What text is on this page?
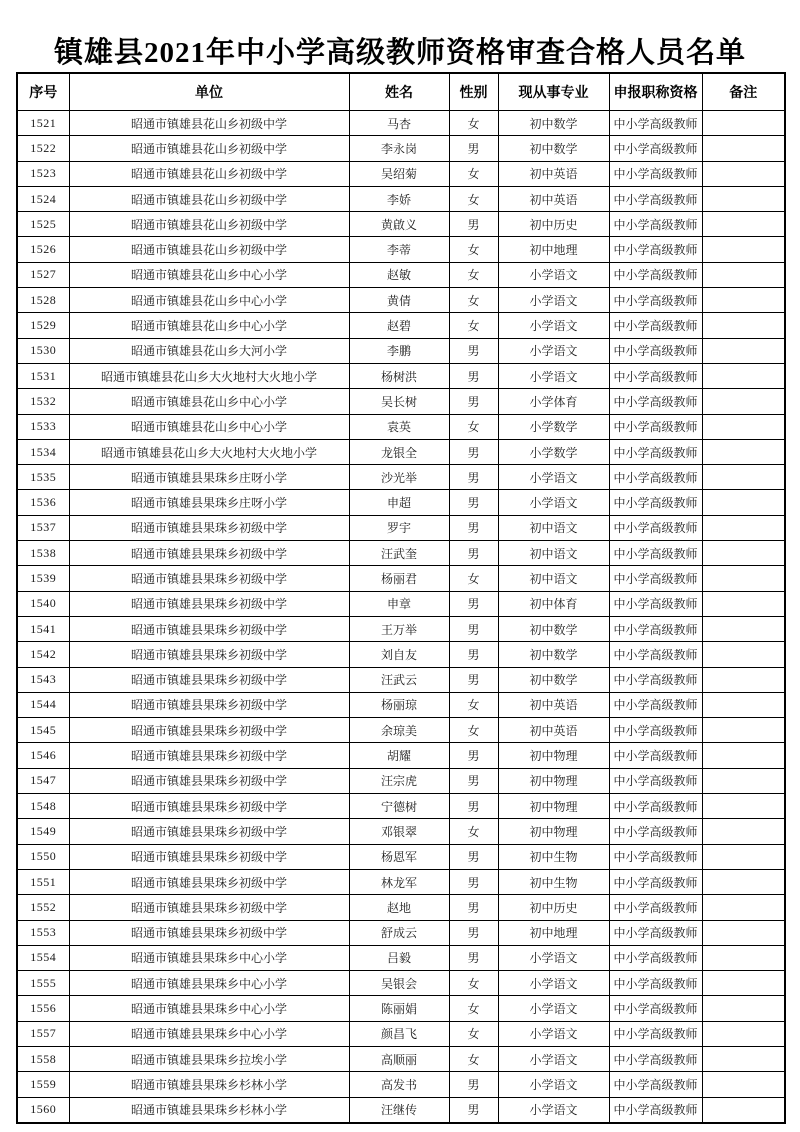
镇雄县2021年中小学高级教师资格审查合格人员名单
序号	单位	姓名	性别	现从事专业	申报职称资格	备注
1521	昭通市镇雄县花山乡初级中学	马杏	女	初中数学	中小学高级教师	
1522	昭通市镇雄县花山乡初级中学	李永岗	男	初中数学	中小学高级教师	
1523	昭通市镇雄县花山乡初级中学	吴绍菊	女	初中英语	中小学高级教师	
1524	昭通市镇雄县花山乡初级中学	李娇	女	初中英语	中小学高级教师	
1525	昭通市镇雄县花山乡初级中学	黄啟义	男	初中历史	中小学高级教师	
1526	昭通市镇雄县花山乡初级中学	李蒂	女	初中地理	中小学高级教师	
1527	昭通市镇雄县花山乡中心小学	赵敏	女	小学语文	中小学高级教师	
1528	昭通市镇雄县花山乡中心小学	黄倩	女	小学语文	中小学高级教师	
1529	昭通市镇雄县花山乡中心小学	赵碧	女	小学语文	中小学高级教师	
1530	昭通市镇雄县花山乡大河小学	李鹏	男	小学语文	中小学高级教师	
1531	昭通市镇雄县花山乡大火地村大火地小学	杨树洪	男	小学语文	中小学高级教师	
1532	昭通市镇雄县花山乡中心小学	吴长树	男	小学体育	中小学高级教师	
1533	昭通市镇雄县花山乡中心小学	袁英	女	小学数学	中小学高级教师	
1534	昭通市镇雄县花山乡大火地村大火地小学	龙银全	男	小学数学	中小学高级教师	
1535	昭通市镇雄县果珠乡庄呀小学	沙光举	男	小学语文	中小学高级教师	
1536	昭通市镇雄县果珠乡庄呀小学	申超	男	小学语文	中小学高级教师	
1537	昭通市镇雄县果珠乡初级中学	罗宇	男	初中语文	中小学高级教师	
1538	昭通市镇雄县果珠乡初级中学	汪武奎	男	初中语文	中小学高级教师	
1539	昭通市镇雄县果珠乡初级中学	杨丽君	女	初中语文	中小学高级教师	
1540	昭通市镇雄县果珠乡初级中学	申章	男	初中体育	中小学高级教师	
1541	昭通市镇雄县果珠乡初级中学	王万举	男	初中数学	中小学高级教师	
1542	昭通市镇雄县果珠乡初级中学	刘自友	男	初中数学	中小学高级教师	
1543	昭通市镇雄县果珠乡初级中学	汪武云	男	初中数学	中小学高级教师	
1544	昭通市镇雄县果珠乡初级中学	杨丽琼	女	初中英语	中小学高级教师	
1545	昭通市镇雄县果珠乡初级中学	余琼美	女	初中英语	中小学高级教师	
1546	昭通市镇雄县果珠乡初级中学	胡耀	男	初中物理	中小学高级教师	
1547	昭通市镇雄县果珠乡初级中学	汪宗虎	男	初中物理	中小学高级教师	
1548	昭通市镇雄县果珠乡初级中学	宁德树	男	初中物理	中小学高级教师	
1549	昭通市镇雄县果珠乡初级中学	邓银翠	女	初中物理	中小学高级教师	
1550	昭通市镇雄县果珠乡初级中学	杨恩军	男	初中生物	中小学高级教师	
1551	昭通市镇雄县果珠乡初级中学	林龙军	男	初中生物	中小学高级教师	
1552	昭通市镇雄县果珠乡初级中学	赵地	男	初中历史	中小学高级教师	
1553	昭通市镇雄县果珠乡初级中学	舒成云	男	初中地理	中小学高级教师	
1554	昭通市镇雄县果珠乡中心小学	吕毅	男	小学语文	中小学高级教师	
1555	昭通市镇雄县果珠乡中心小学	吴银会	女	小学语文	中小学高级教师	
1556	昭通市镇雄县果珠乡中心小学	陈丽娟	女	小学语文	中小学高级教师	
1557	昭通市镇雄县果珠乡中心小学	颜昌飞	女	小学语文	中小学高级教师	
1558	昭通市镇雄县果珠乡拉埃小学	高顺丽	女	小学语文	中小学高级教师	
1559	昭通市镇雄县果珠乡杉林小学	高发书	男	小学语文	中小学高级教师	
1560	昭通市镇雄县果珠乡杉林小学	汪继传	男	小学语文	中小学高级教师	
